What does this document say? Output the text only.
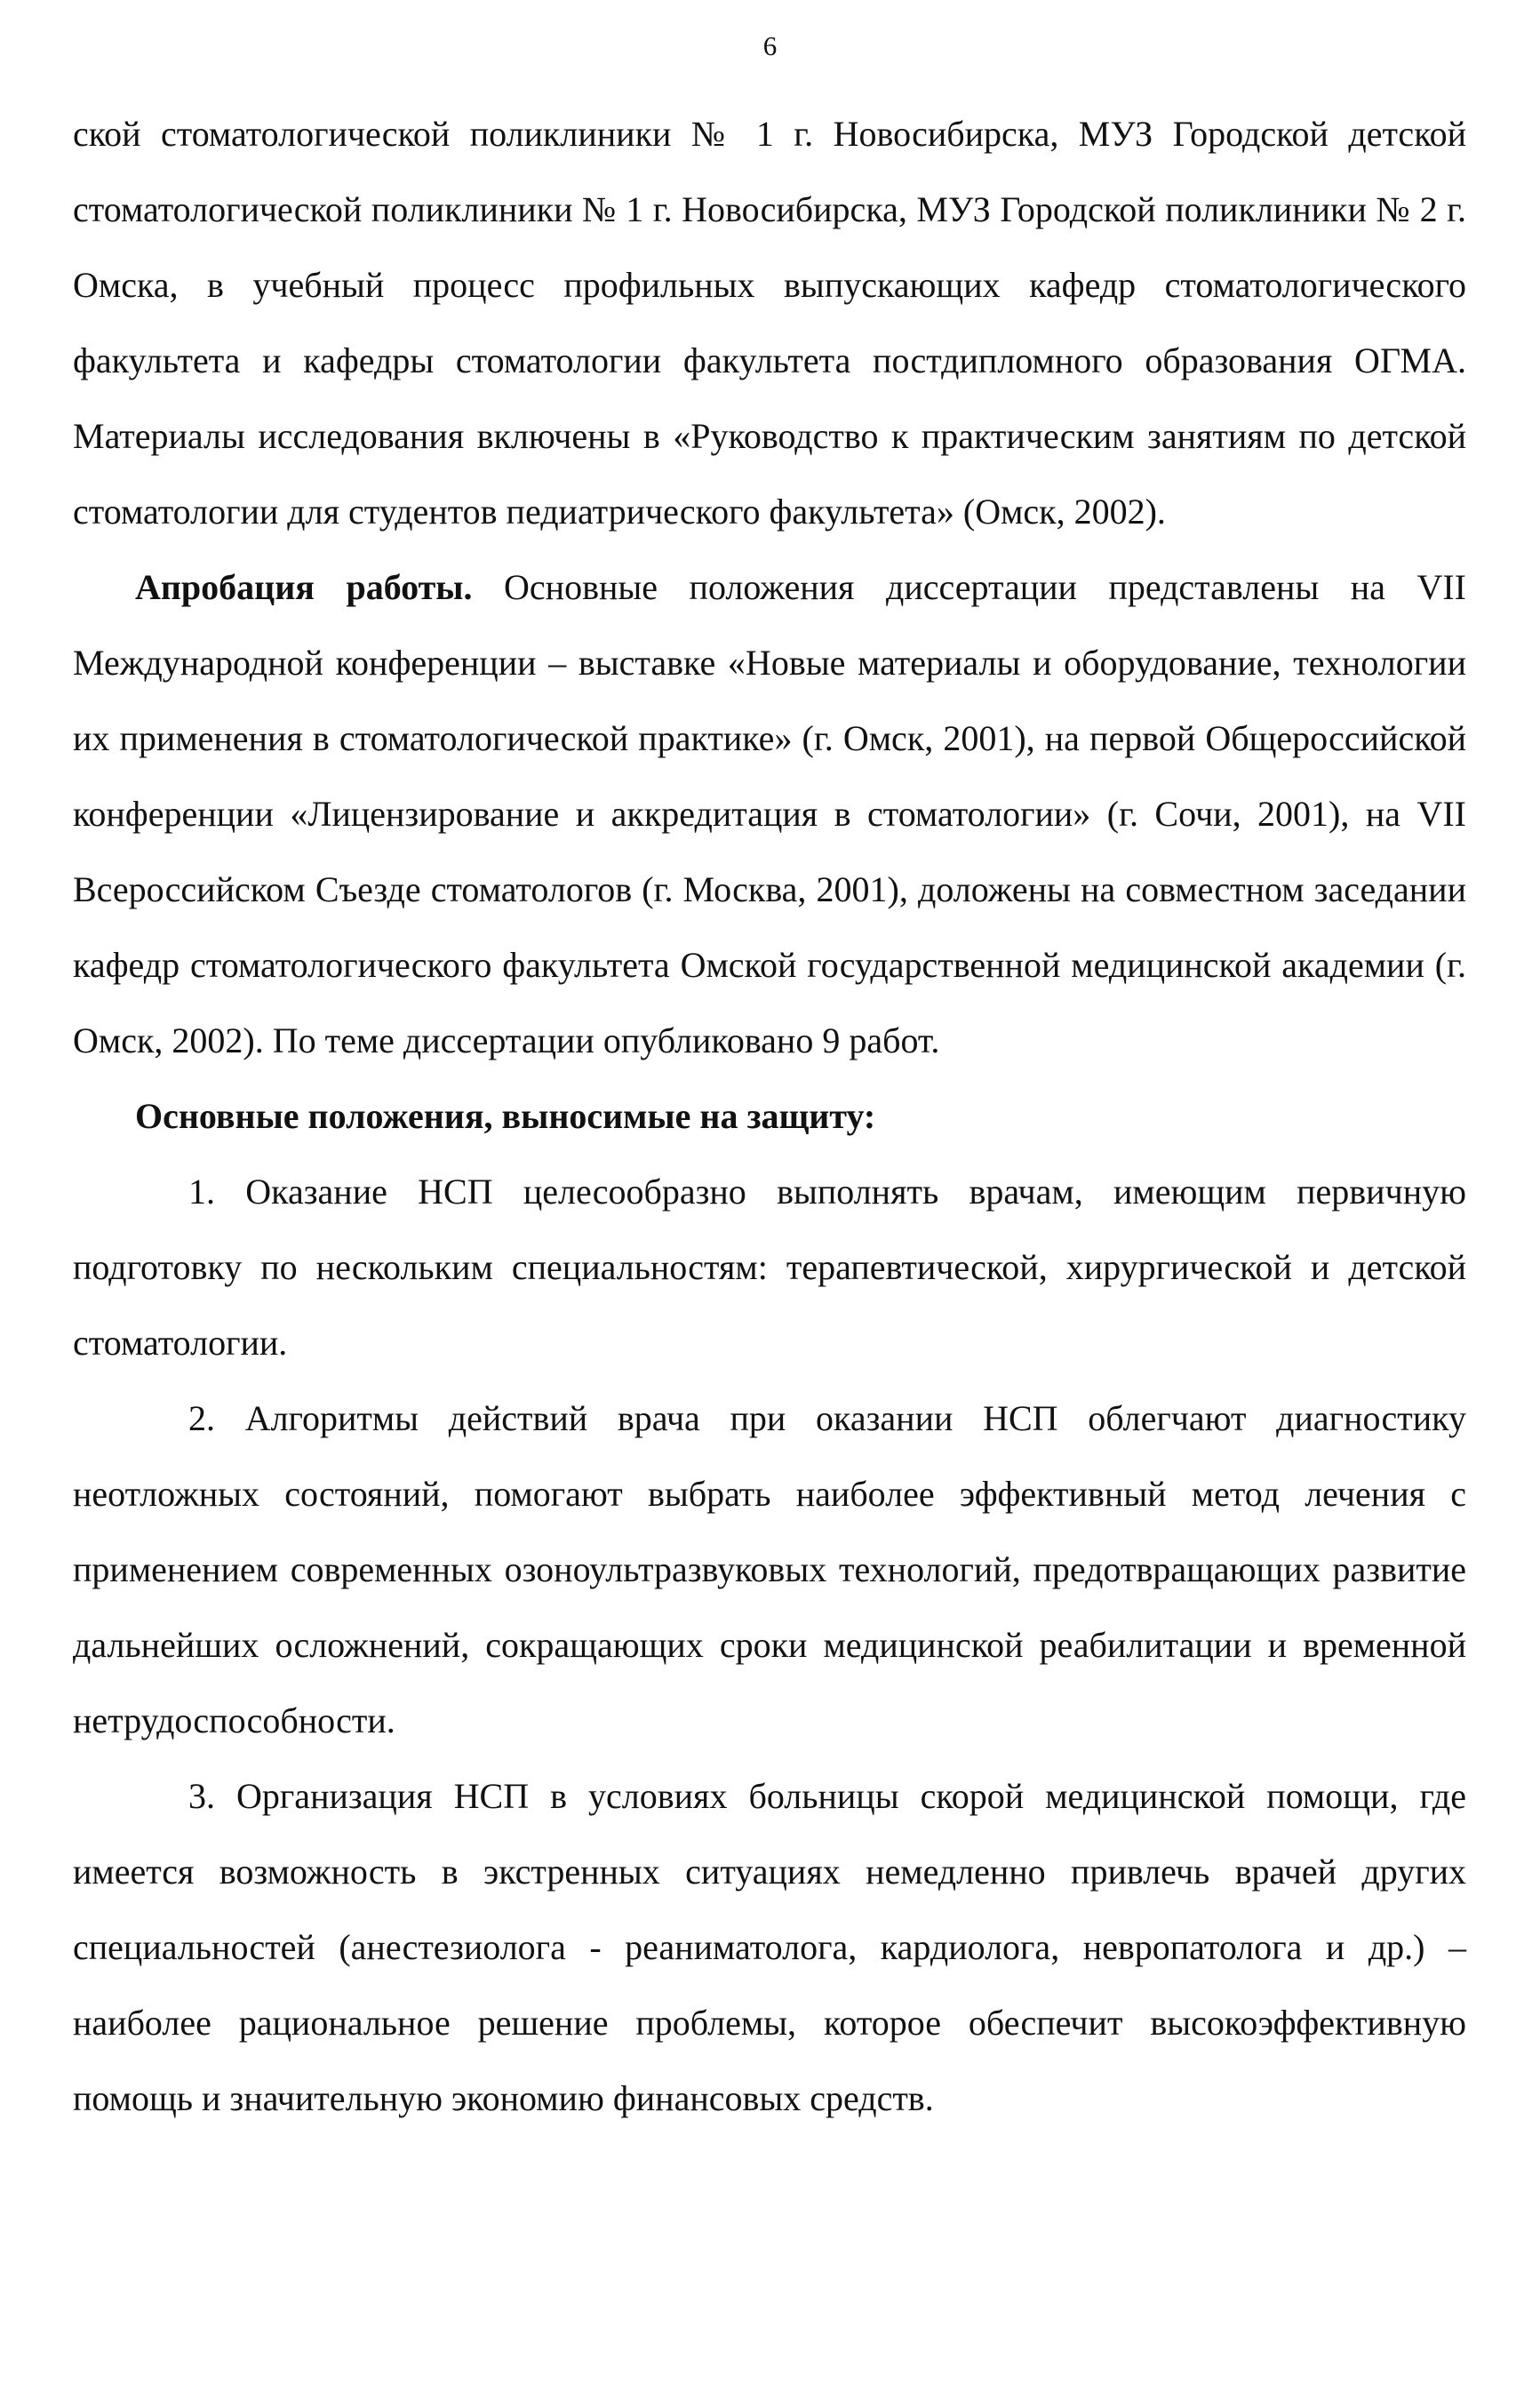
6

ской стоматологической поликлиники № 1 г. Новосибирска, МУЗ Городской детской стоматологической поликлиники № 1 г. Новосибирска, МУЗ Городской поликлиники № 2 г. Омска, в учебный процесс профильных выпускающих кафедр стоматологического факультета и кафедры стоматологии факультета постдипломного образования ОГМА. Материалы исследования включены в «Руководство к практическим занятиям по детской стоматологии для студентов педиатрического факультета» (Омск, 2002).

Апробация работы. Основные положения диссертации представлены на VII Международной конференции – выставке «Новые материалы и оборудование, технологии их применения в стоматологической практике» (г. Омск, 2001), на первой Общероссийской конференции «Лицензирование и аккредитация в стоматологии» (г. Сочи, 2001), на VII Всероссийском Съезде стоматологов (г. Москва, 2001), доложены на совместном заседании кафедр стоматологического факультета Омской государственной медицинской академии (г. Омск, 2002). По теме диссертации опубликовано 9 работ.

Основные положения, выносимые на защиту:

1. Оказание НСП целесообразно выполнять врачам, имеющим первичную подготовку по нескольким специальностям: терапевтической, хирургической и детской стоматологии.

2. Алгоритмы действий врача при оказании НСП облегчают диагностику неотложных состояний, помогают выбрать наиболее эффективный метод лечения с применением современных озоноультразвуковых технологий, предотвращающих развитие дальнейших осложнений, сокращающих сроки медицинской реабилитации и временной нетрудоспособности.

3. Организация НСП в условиях больницы скорой медицинской помощи, где имеется возможность в экстренных ситуациях немедленно привлечь врачей других специальностей (анестезиолога - реаниматолога, кардиолога, невропатолога и др.) – наиболее рациональное решение проблемы, которое обеспечит высокоэффективную помощь и значительную экономию финансовых средств.
